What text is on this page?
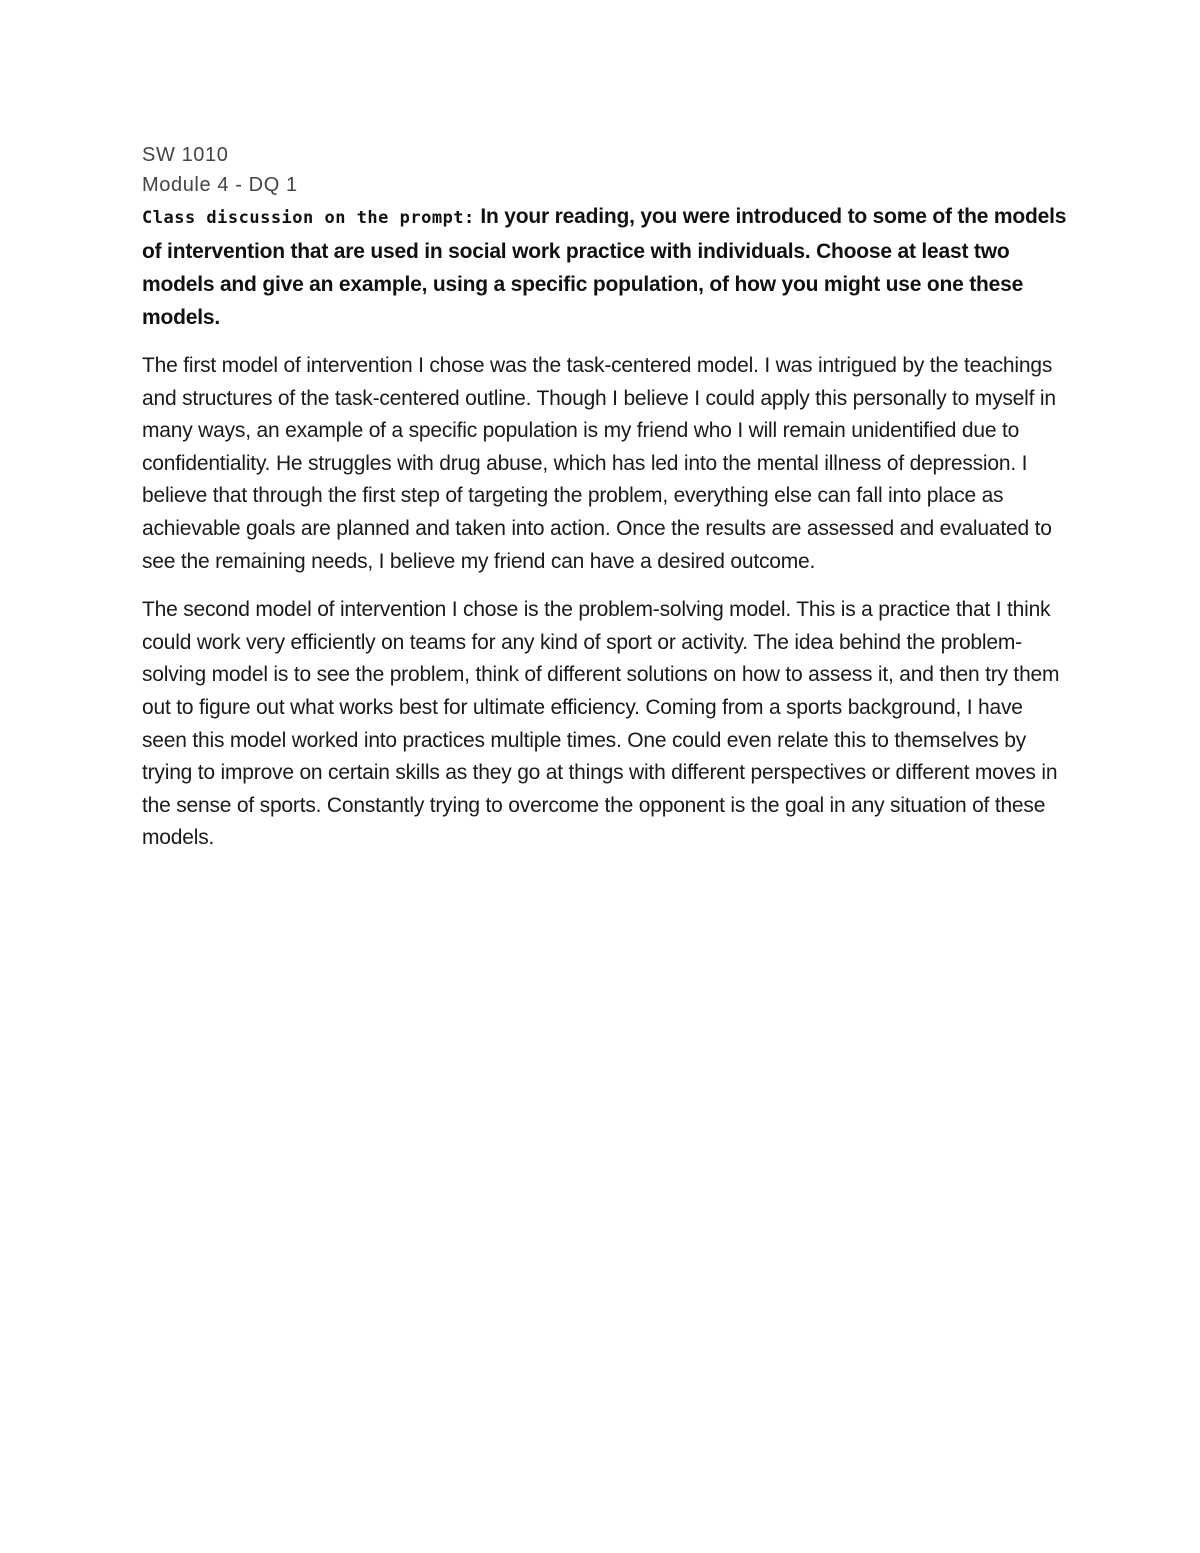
SW 1010

Module 4 - DQ 1

Class discussion on the prompt: In your reading, you were introduced to some of the models of intervention that are used in social work practice with individuals. Choose at least two models and give an example, using a specific population, of how you might use one these models.

The first model of intervention I chose was the task-centered model. I was intrigued by the teachings and structures of the task-centered outline. Though I believe I could apply this personally to myself in many ways, an example of a specific population is my friend who I will remain unidentified due to confidentiality. He struggles with drug abuse, which has led into the mental illness of depression. I believe that through the first step of targeting the problem, everything else can fall into place as achievable goals are planned and taken into action. Once the results are assessed and evaluated to see the remaining needs, I believe my friend can have a desired outcome.

The second model of intervention I chose is the problem-solving model. This is a practice that I think could work very efficiently on teams for any kind of sport or activity. The idea behind the problem-solving model is to see the problem, think of different solutions on how to assess it, and then try them out to figure out what works best for ultimate efficiency. Coming from a sports background, I have seen this model worked into practices multiple times. One could even relate this to themselves by trying to improve on certain skills as they go at things with different perspectives or different moves in the sense of sports. Constantly trying to overcome the opponent is the goal in any situation of these models.
